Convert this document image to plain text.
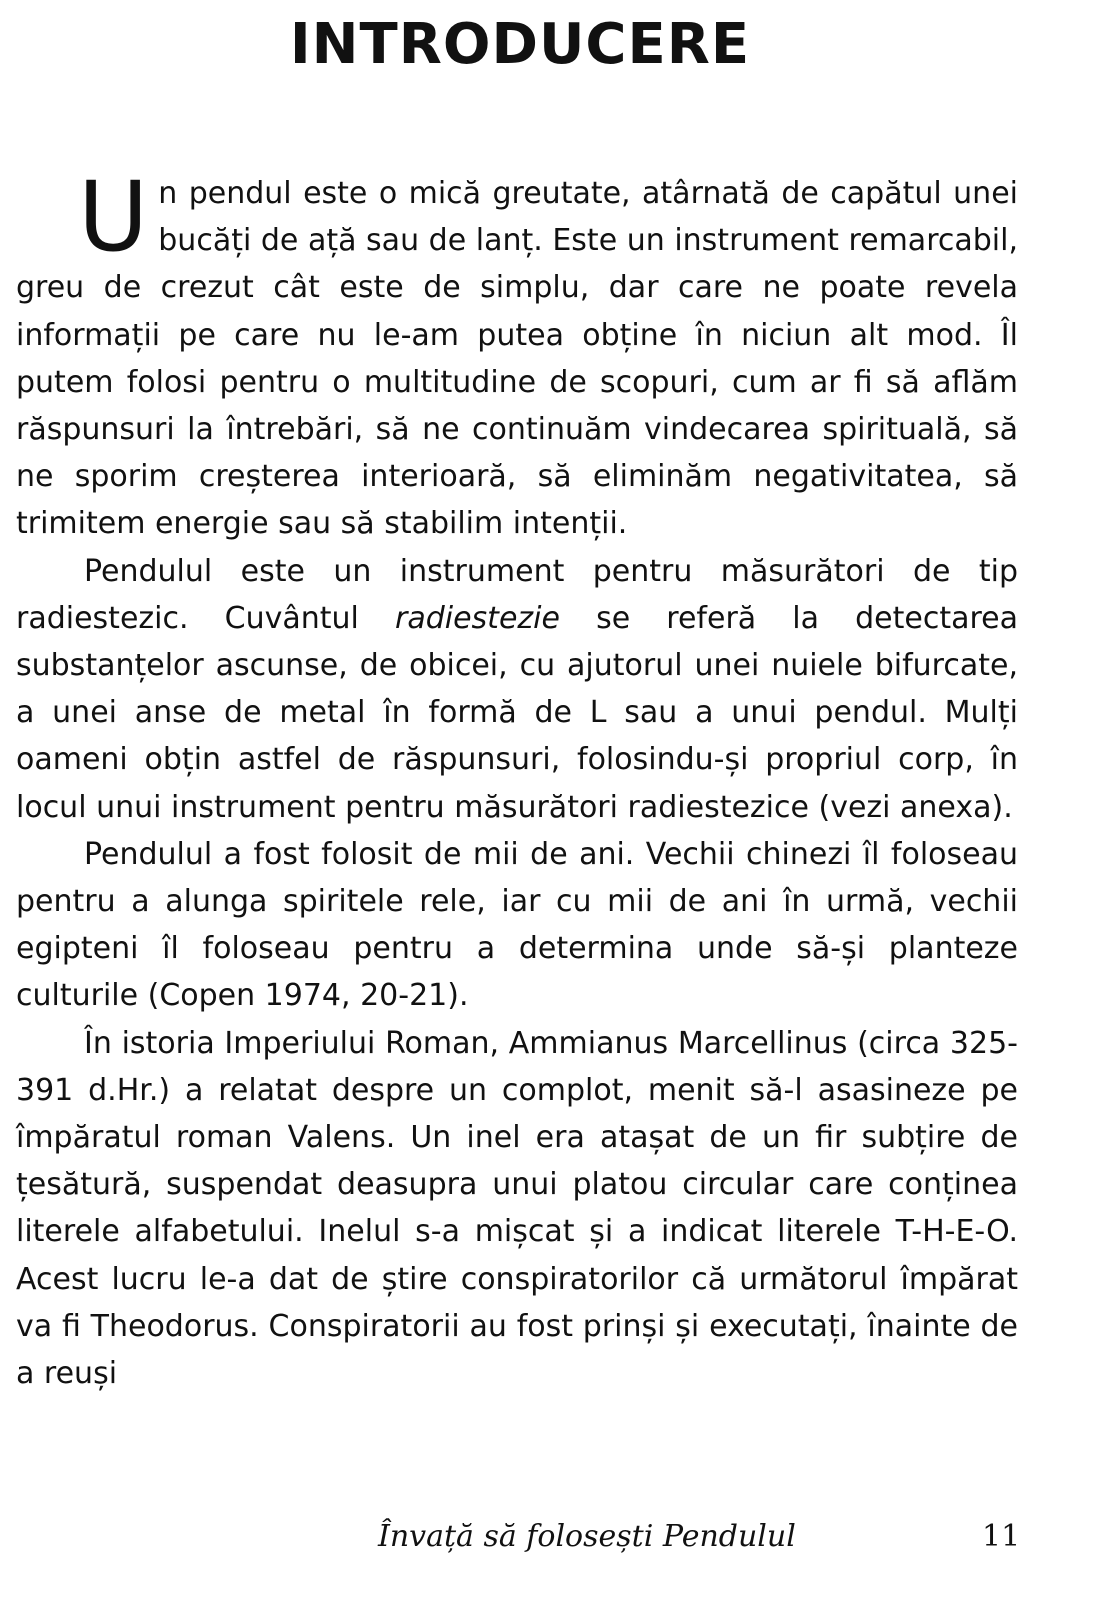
INTRODUCERE

Un pendul este o mică greutate, atârnată de capătul unei bucăți de ață sau de lanț. Este un instrument remarcabil, greu de crezut cât este de simplu, dar care ne poate revela informații pe care nu le-am putea obține în niciun alt mod. Îl putem folosi pentru o multitudine de scopuri, cum ar fi să aflăm răspunsuri la întrebări, să ne continuăm vindecarea spirituală, să ne sporim creșterea interioară, să eliminăm negativitatea, să trimitem energie sau să stabilim intenții.

Pendulul este un instrument pentru măsurători de tip radiestezic. Cuvântul radiestezie se referă la detectarea substanțelor ascunse, de obicei, cu ajutorul unei nuiele bifurcate, a unei anse de metal în formă de L sau a unui pendul. Mulți oameni obțin astfel de răspunsuri, folosindu-și propriul corp, în locul unui instrument pentru măsurători radiestezice (vezi anexa).

Pendulul a fost folosit de mii de ani. Vechii chinezi îl foloseau pentru a alunga spiritele rele, iar cu mii de ani în urmă, vechii egipteni îl foloseau pentru a determina unde să-și planteze culturile (Copen 1974, 20-21).

În istoria Imperiului Roman, Ammianus Marcellinus (circa 325-391 d.Hr.) a relatat despre un complot, menit să-l asasineze pe împăratul roman Valens. Un inel era atașat de un fir subțire de țesătură, suspendat deasupra unui platou circular care conținea literele alfabetului. Inelul s-a mișcat și a indicat literele T-H-E-O. Acest lucru le-a dat de știre conspiratorilor că următorul împărat va fi Theodorus. Conspiratorii au fost prinși și executați, înainte de a reuși

Învață să folosești Pendulul	11
